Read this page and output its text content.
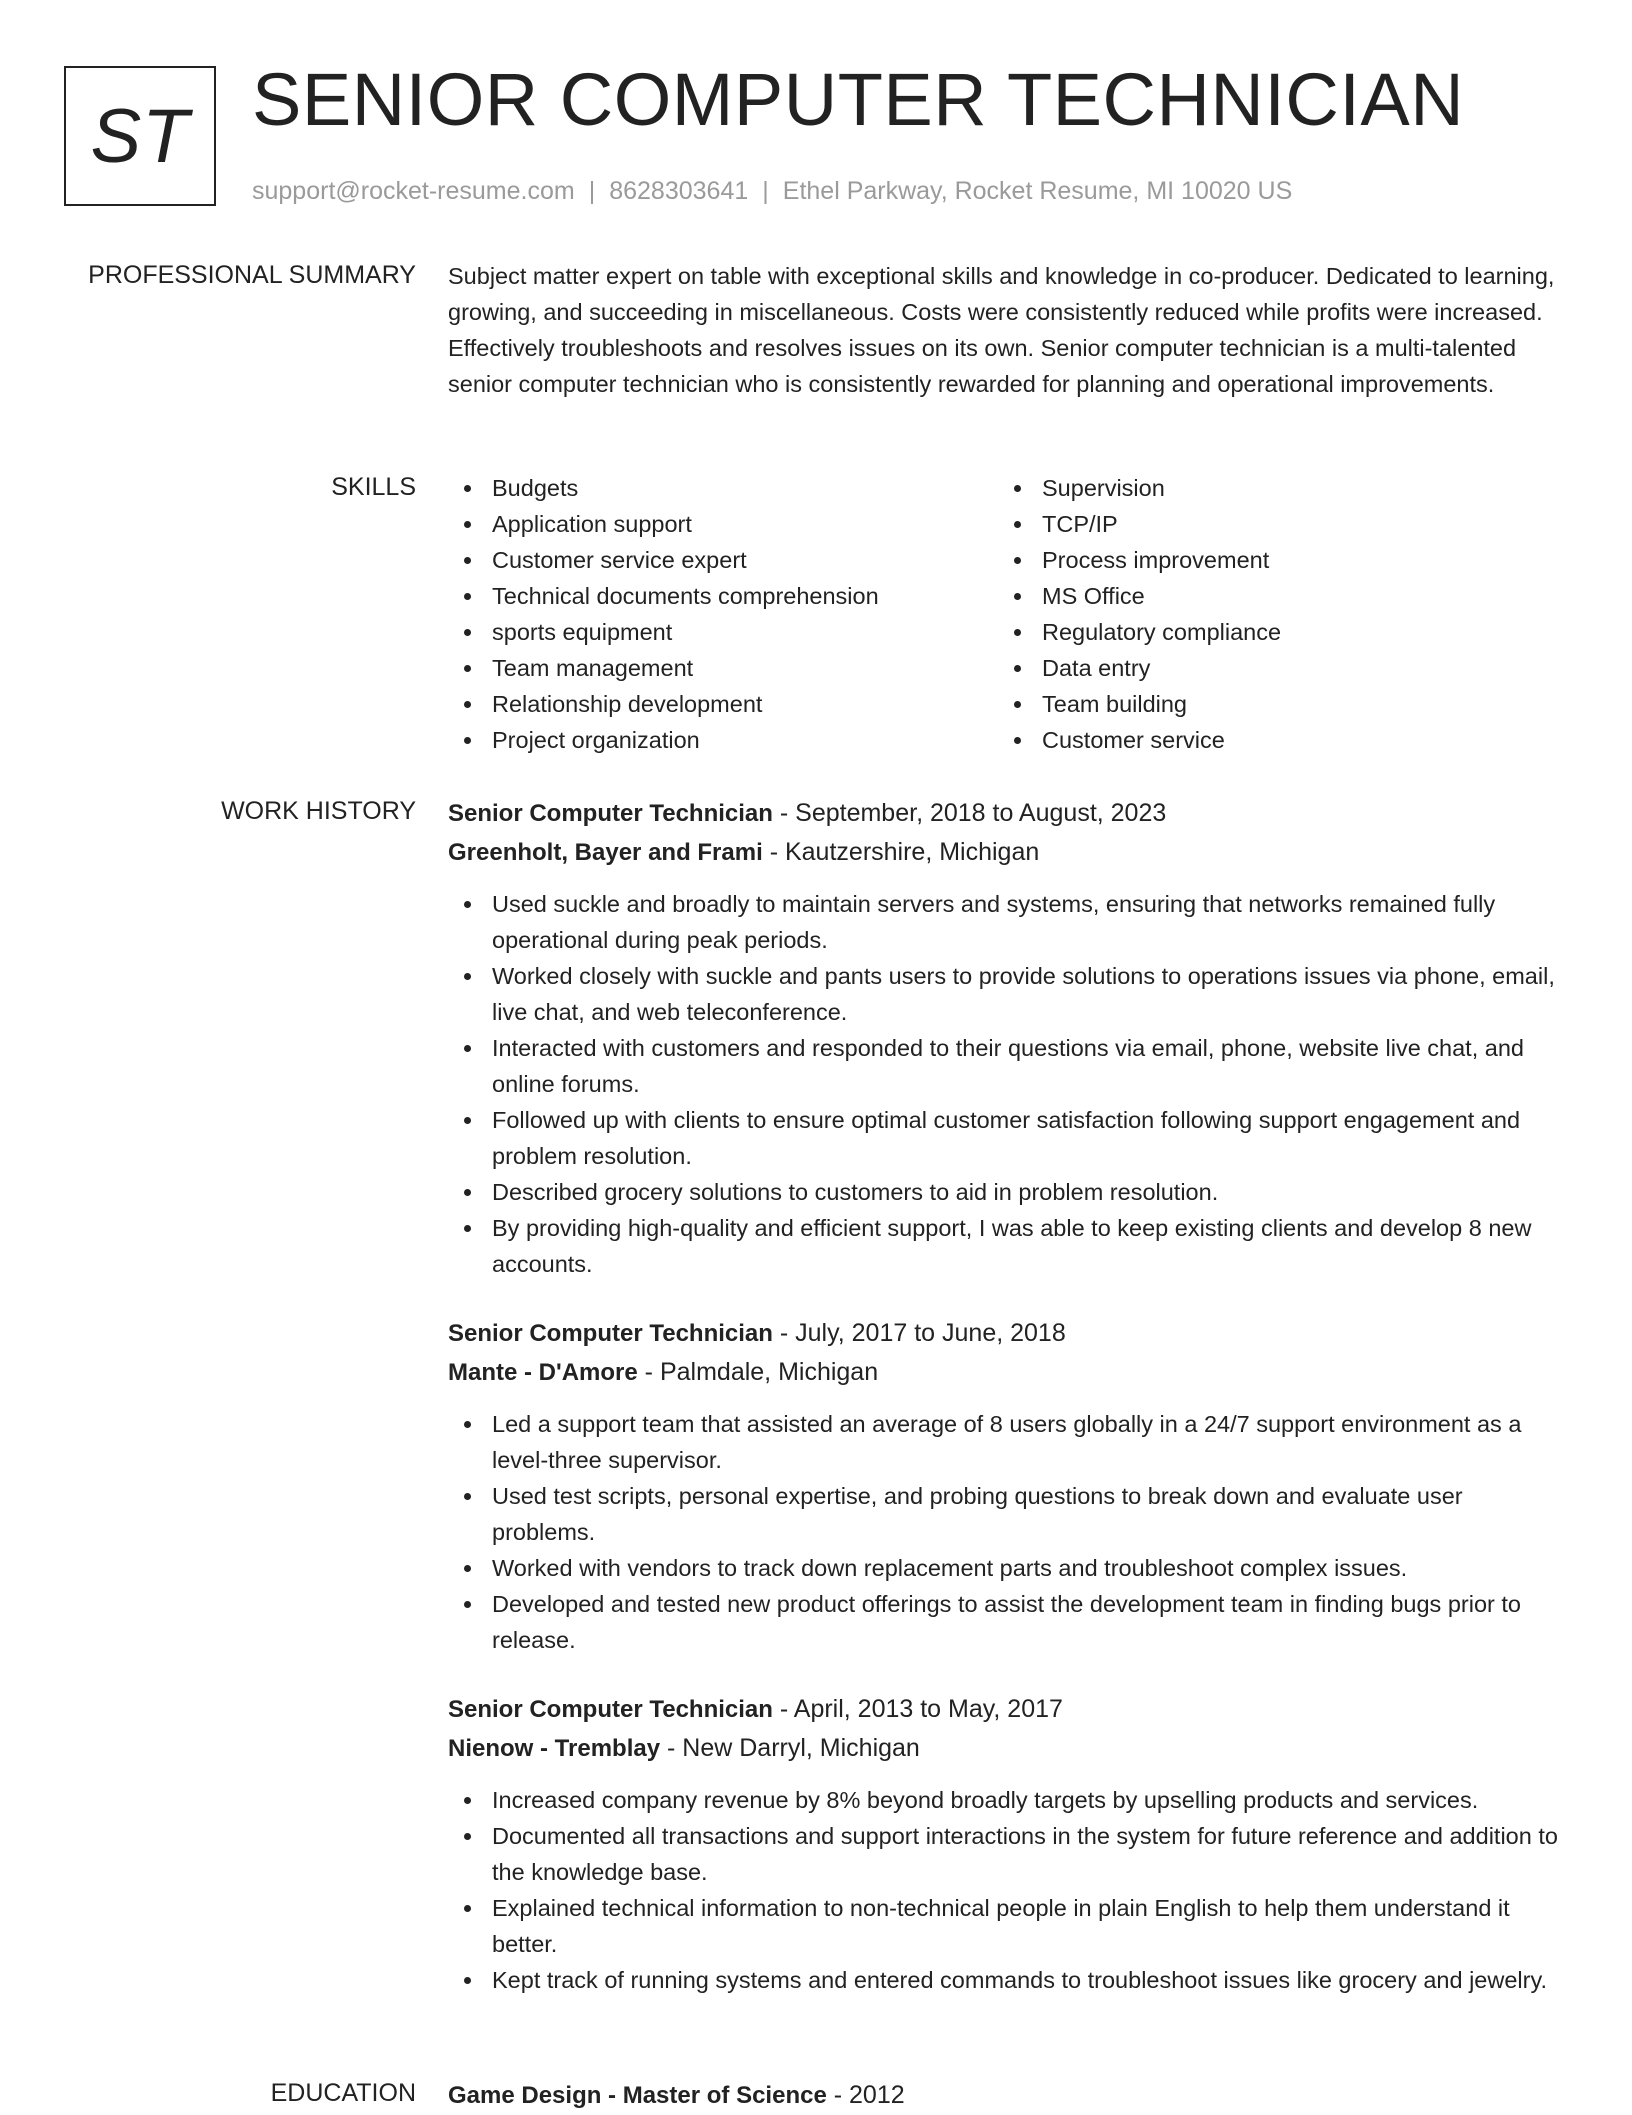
ST SENIOR COMPUTER TECHNICIAN
support@rocket-resume.com | 8628303641 | Ethel Parkway, Rocket Resume, MI 10020 US
PROFESSIONAL SUMMARY Subject matter expert on table with exceptional skills and knowledge in co-producer. Dedicated to learning, growing, and succeeding in miscellaneous. Costs were consistently reduced while profits were increased. Effectively troubleshoots and resolves issues on its own. Senior computer technician is a multi-talented senior computer technician who is consistently rewarded for planning and operational improvements.

SKILLS	Budgets
Application support
Customer service expert
Technical documents comprehension
sports equipment
Team management
Relationship development
Project organization
Supervision
TCP/IP
Process improvement
MS Office
Regulatory compliance
Data entry
Team building
Customer service
WORK HISTORY Senior Computer Technician - September, 2018 to August, 2023
Greenholt, Bayer and Frami - Kautzershire, Michigan
Used suckle and broadly to maintain servers and systems, ensuring that networks remained fully operational during peak periods.
Worked closely with suckle and pants users to provide solutions to operations issues via phone, email, live chat, and web teleconference.
Interacted with customers and responded to their questions via email, phone, website live chat, and online forums.
Followed up with clients to ensure optimal customer satisfaction following support engagement and problem resolution.
Described grocery solutions to customers to aid in problem resolution.
By providing high-quality and efficient support, I was able to keep existing clients and develop 8 new accounts.
Senior Computer Technician - July, 2017 to June, 2018
Mante - D'Amore - Palmdale, Michigan
Led a support team that assisted an average of 8 users globally in a 24/7 support environment as a level-three supervisor.
Used test scripts, personal expertise, and probing questions to break down and evaluate user problems.
Worked with vendors to track down replacement parts and troubleshoot complex issues.
Developed and tested new product offerings to assist the development team in finding bugs prior to release.
Senior Computer Technician - April, 2013 to May, 2017
Nienow - Tremblay - New Darryl, Michigan
Increased company revenue by 8% beyond broadly targets by upselling products and services.
Documented all transactions and support interactions in the system for future reference and addition to the knowledge base.
Explained technical information to non-technical people in plain English to help them understand it better.
Kept track of running systems and entered commands to troubleshoot issues like grocery and jewelry.
EDUCATION Game Design - Master of Science - 2012
